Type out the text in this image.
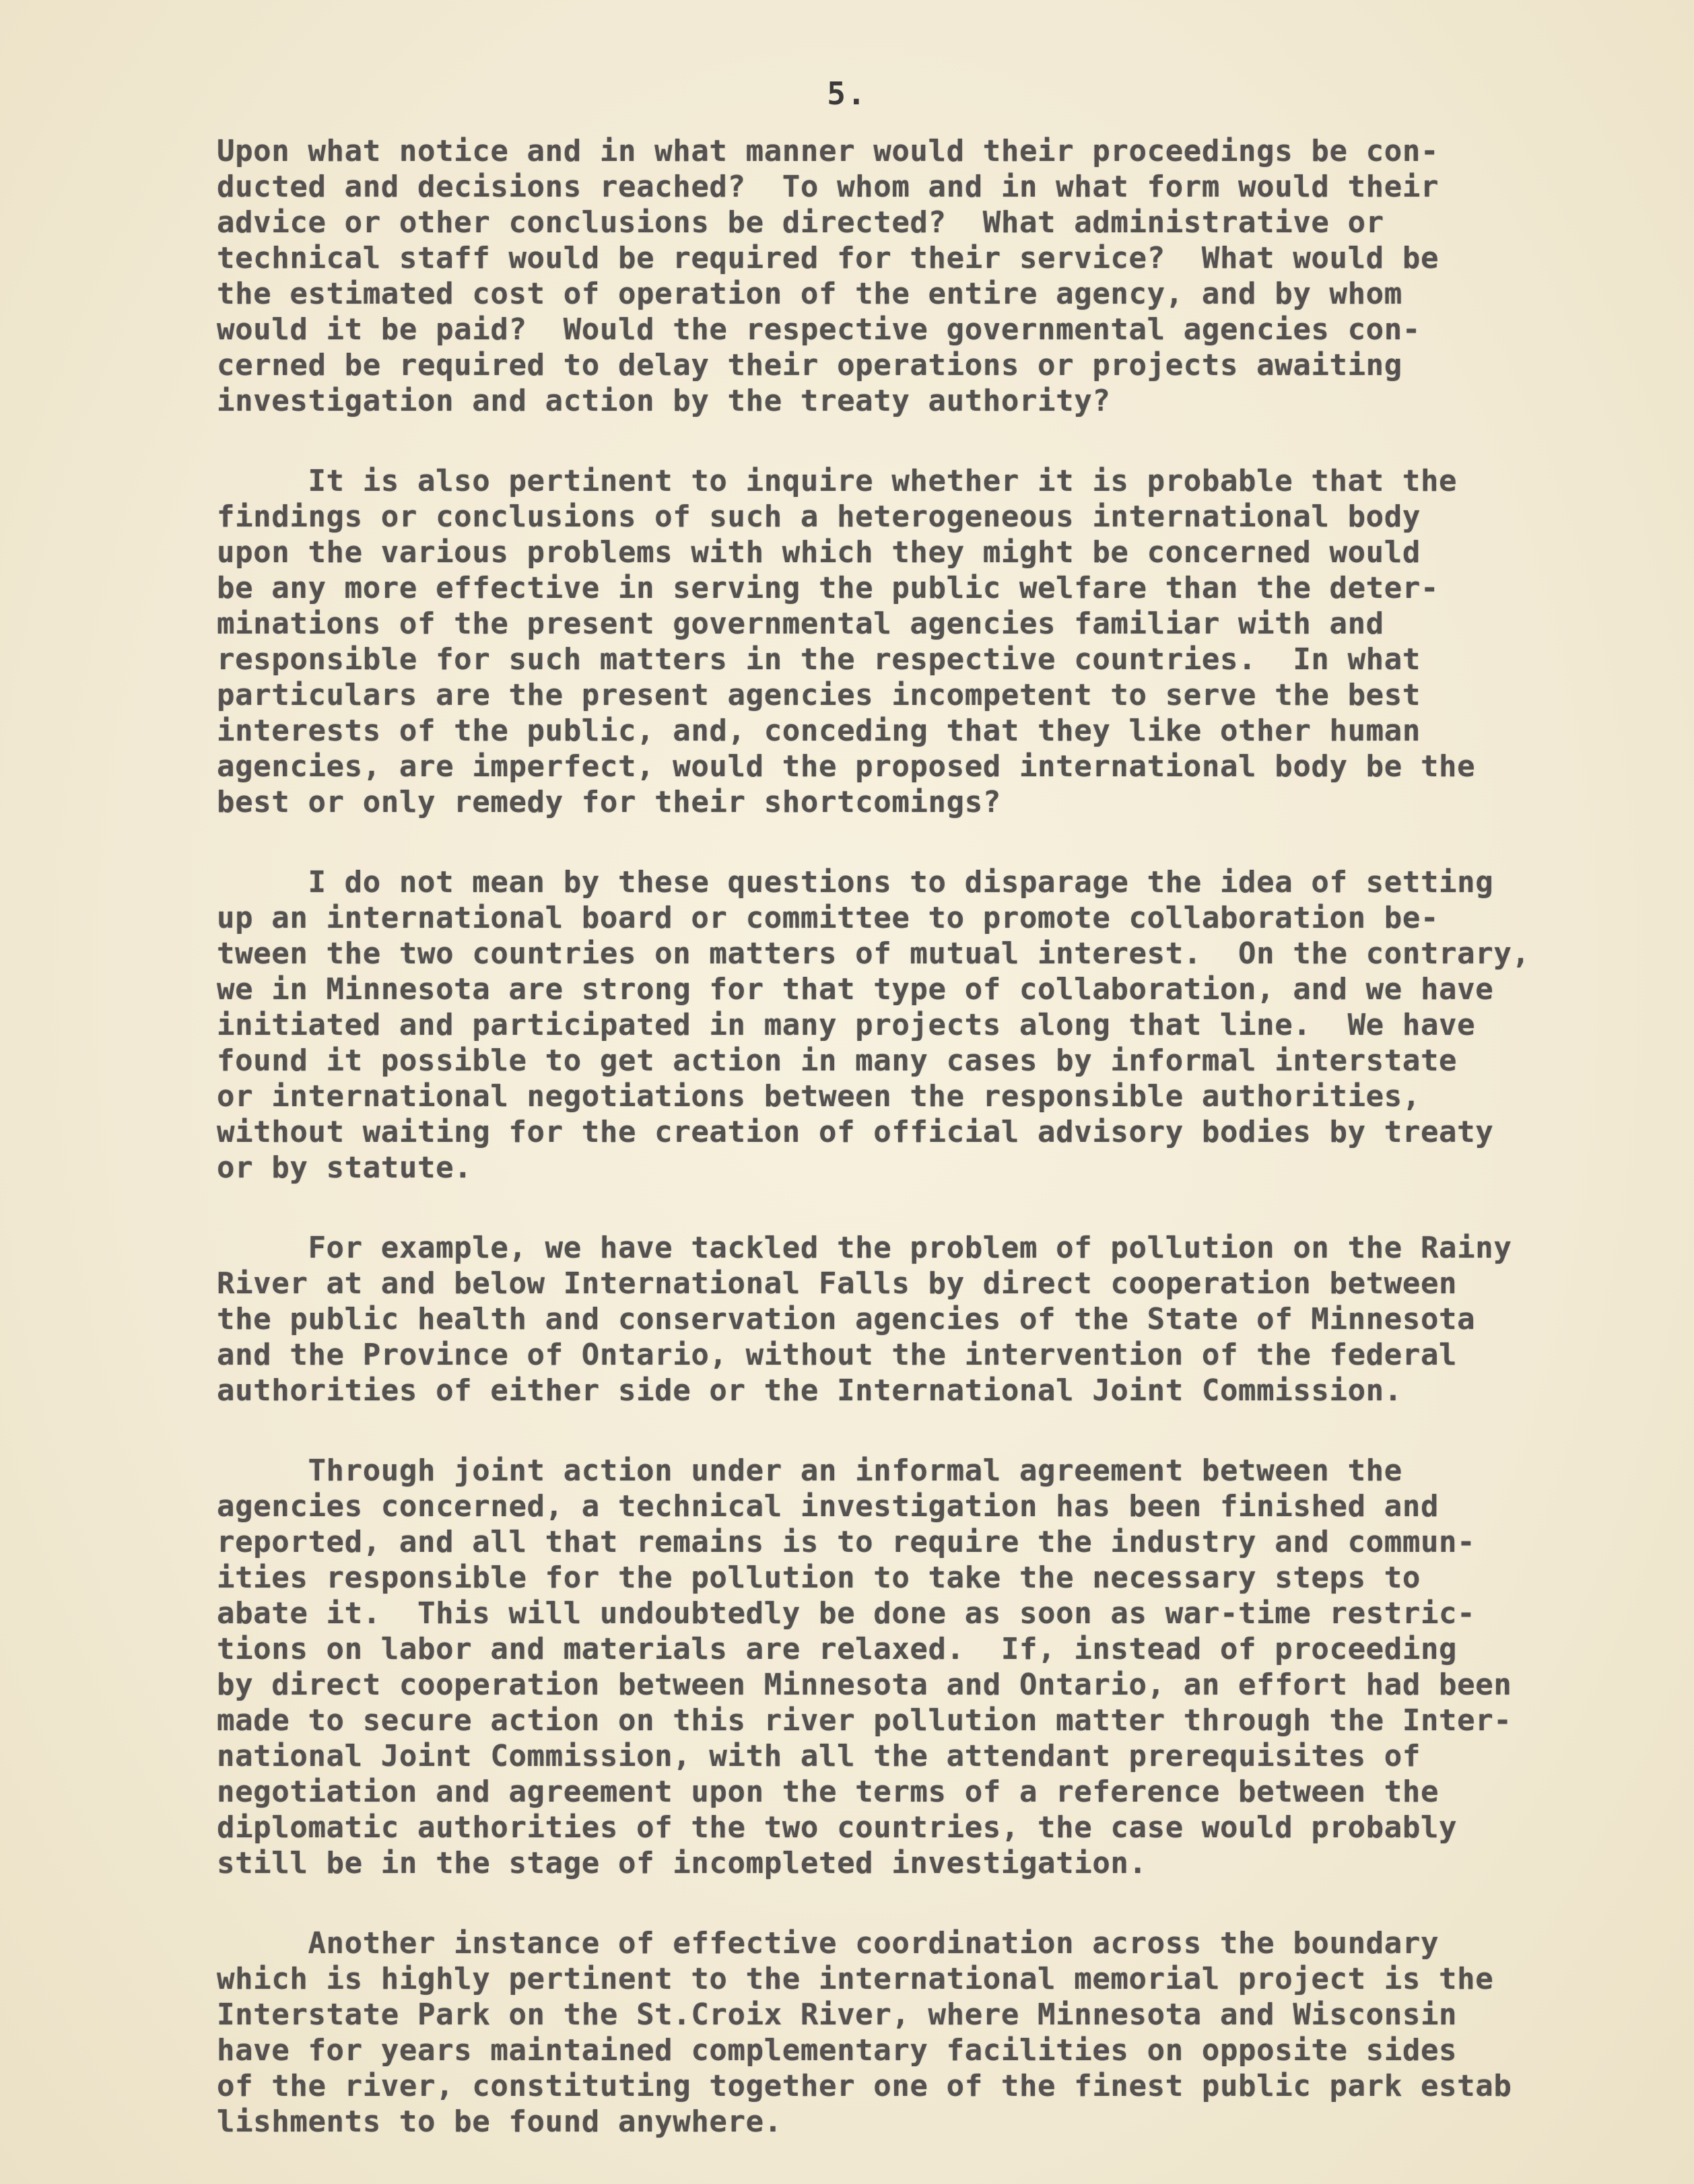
5.
Upon what notice and in what manner would their proceedings be con-
ducted and decisions reached?  To whom and in what form would their
advice or other conclusions be directed?  What administrative or
technical staff would be required for their service?  What would be
the estimated cost of operation of the entire agency, and by whom
would it be paid?  Would the respective governmental agencies con-
cerned be required to delay their operations or projects awaiting
investigation and action by the treaty authority?
It is also pertinent to inquire whether it is probable that the
findings or conclusions of such a heterogeneous international body
upon the various problems with which they might be concerned would
be any more effective in serving the public welfare than the deter-
minations of the present governmental agencies familiar with and
responsible for such matters in the respective countries.  In what
particulars are the present agencies incompetent to serve the best
interests of the public, and, conceding that they like other human
agencies, are imperfect, would the proposed international body be the
best or only remedy for their shortcomings?
I do not mean by these questions to disparage the idea of setting
up an international board or committee to promote collaboration be-
tween the two countries on matters of mutual interest.  On the contrary,
we in Minnesota are strong for that type of collaboration, and we have
initiated and participated in many projects along that line.  We have
found it possible to get action in many cases by informal interstate
or international negotiations between the responsible authorities,
without waiting for the creation of official advisory bodies by treaty
or by statute.
For example, we have tackled the problem of pollution on the Rainy
River at and below International Falls by direct cooperation between
the public health and conservation agencies of the State of Minnesota
and the Province of Ontario, without the intervention of the federal
authorities of either side or the International Joint Commission.
Through joint action under an informal agreement between the
agencies concerned, a technical investigation has been finished and
reported, and all that remains is to require the industry and commun-
ities responsible for the pollution to take the necessary steps to
abate it.  This will undoubtedly be done as soon as war-time restric-
tions on labor and materials are relaxed.  If, instead of proceeding
by direct cooperation between Minnesota and Ontario, an effort had been
made to secure action on this river pollution matter through the Inter-
national Joint Commission, with all the attendant prerequisites of
negotiation and agreement upon the terms of a reference between the
diplomatic authorities of the two countries, the case would probably
still be in the stage of incompleted investigation.
Another instance of effective coordination across the boundary
which is highly pertinent to the international memorial project is the
Interstate Park on the St.Croix River, where Minnesota and Wisconsin
have for years maintained complementary facilities on opposite sides
of the river, constituting together one of the finest public park estab
lishments to be found anywhere.
